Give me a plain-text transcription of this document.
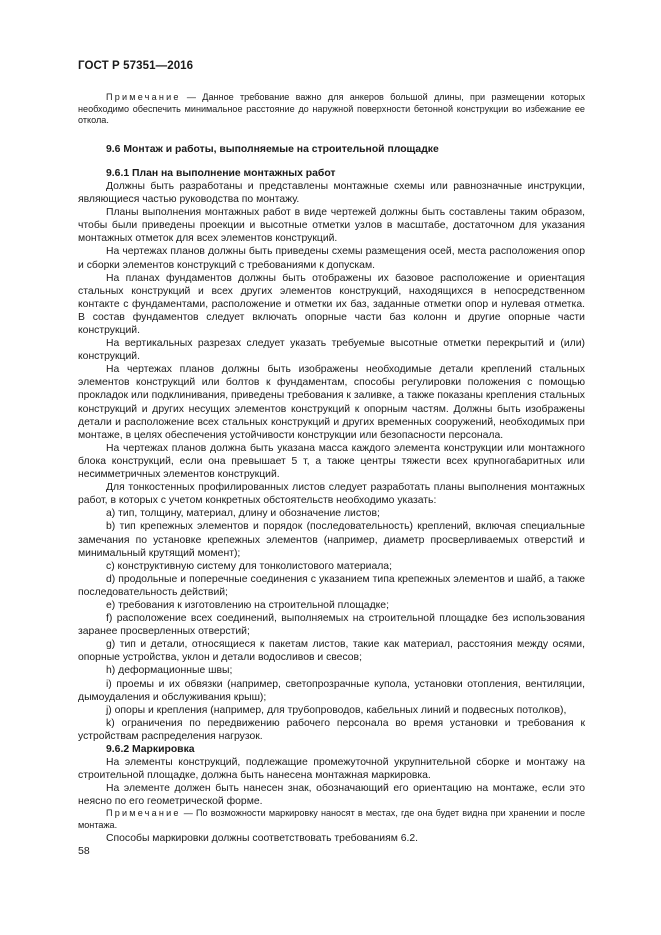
ГОСТ Р 57351—2016

Примечание — Данное требование важно для анкеров большой длины, при размещении которых необходимо обеспечить минимальное расстояние до наружной поверхности бетонной конструкции во избежание ее откола.

9.6 Монтаж и работы, выполняемые на строительной площадке
9.6.1 План на выполнение монтажных работ

Должны быть разработаны и представлены монтажные схемы или равнозначные инструкции, являющиеся частью руководства по монтажу.

Планы выполнения монтажных работ в виде чертежей должны быть составлены таким образом, чтобы были приведены проекции и высотные отметки узлов в масштабе, достаточном для указания монтажных отметок для всех элементов конструкций.

На чертежах планов должны быть приведены схемы размещения осей, места расположения опор и сборки элементов конструкций с требованиями к допускам.

На планах фундаментов должны быть отображены их базовое расположение и ориентация стальных конструкций и всех других элементов конструкций, находящихся в непосредственном контакте с фундаментами, расположение и отметки их баз, заданные отметки опор и нулевая отметка. В состав фундаментов следует включать опорные части баз колонн и другие опорные части конструкций.

На вертикальных разрезах следует указать требуемые высотные отметки перекрытий и (или) конструкций.

На чертежах планов должны быть изображены необходимые детали креплений стальных элементов конструкций или болтов к фундаментам, способы регулировки положения с помощью прокладок или подклинивания, приведены требования к заливке, а также показаны крепления стальных конструкций и других несущих элементов конструкций к опорным частям. Должны быть изображены детали и расположение всех стальных конструкций и других временных сооружений, необходимых при монтаже, в целях обеспечения устойчивости конструкции или безопасности персонала.

На чертежах планов должна быть указана масса каждого элемента конструкции или монтажного блока конструкций, если она превышает 5 т, а также центры тяжести всех крупногабаритных или несимметричных элементов конструкций.

Для тонкостенных профилированных листов следует разработать планы выполнения монтажных работ, в которых с учетом конкретных обстоятельств необходимо указать:

a) тип, толщину, материал, длину и обозначение листов;

b) тип крепежных элементов и порядок (последовательность) креплений, включая специальные замечания по установке крепежных элементов (например, диаметр просверливаемых отверстий и минимальный крутящий момент);

c) конструктивную систему для тонколистового материала;

d) продольные и поперечные соединения с указанием типа крепежных элементов и шайб, а также последовательность действий;

e) требования к изготовлению на строительной площадке;

f) расположение всех соединений, выполняемых на строительной площадке без использования заранее просверленных отверстий;

g) тип и детали, относящиеся к пакетам листов, такие как материал, расстояния между осями, опорные устройства, уклон и детали водосливов и свесов;

h) деформационные швы;

i) проемы и их обвязки (например, светопрозрачные купола, установки отопления, вентиляции, дымоудаления и обслуживания крыш);

j) опоры и крепления (например, для трубопроводов, кабельных линий и подвесных потолков),

k) ограничения по передвижению рабочего персонала во время установки и требования к устройствам распределения нагрузок.

9.6.2 Маркировка

На элементы конструкций, подлежащие промежуточной укрупнительной сборке и монтажу на строительной площадке, должна быть нанесена монтажная маркировка.

На элементе должен быть нанесен знак, обозначающий его ориентацию на монтаже, если это неясно по его геометрической форме.

Примечание — По возможности маркировку наносят в местах, где она будет видна при хранении и после монтажа.

Способы маркировки должны соответствовать требованиям 6.2.

58
